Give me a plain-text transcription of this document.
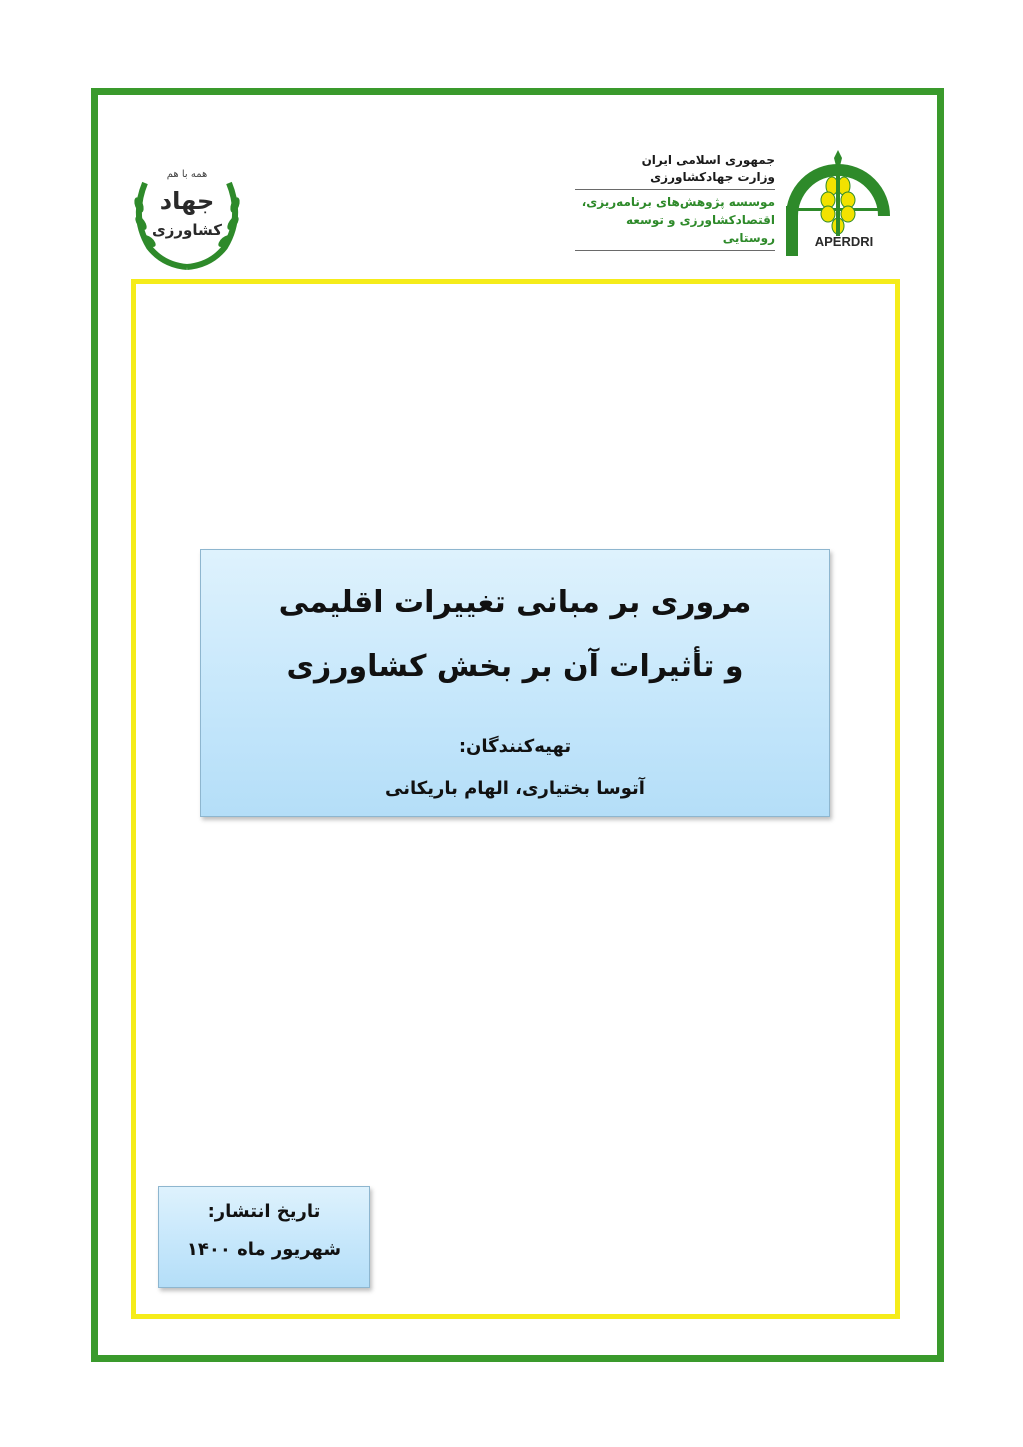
همه با هم
جهاد
کشاورزی
جمهوری اسلامی ایران
وزارت جهادکشاورزی
موسسه پژوهش‌های برنامه‌ریزی،
اقتصادکشاورزی و توسعه روستایی	APERDRI
مروری بر مبانی تغییرات اقلیمی
و تأثیرات آن بر بخش کشاورزی
تهیه‌کنندگان:
آتوسا بختیاری، الهام باریکانی
تاریخ انتشار:
شهریور ماه ۱۴۰۰
